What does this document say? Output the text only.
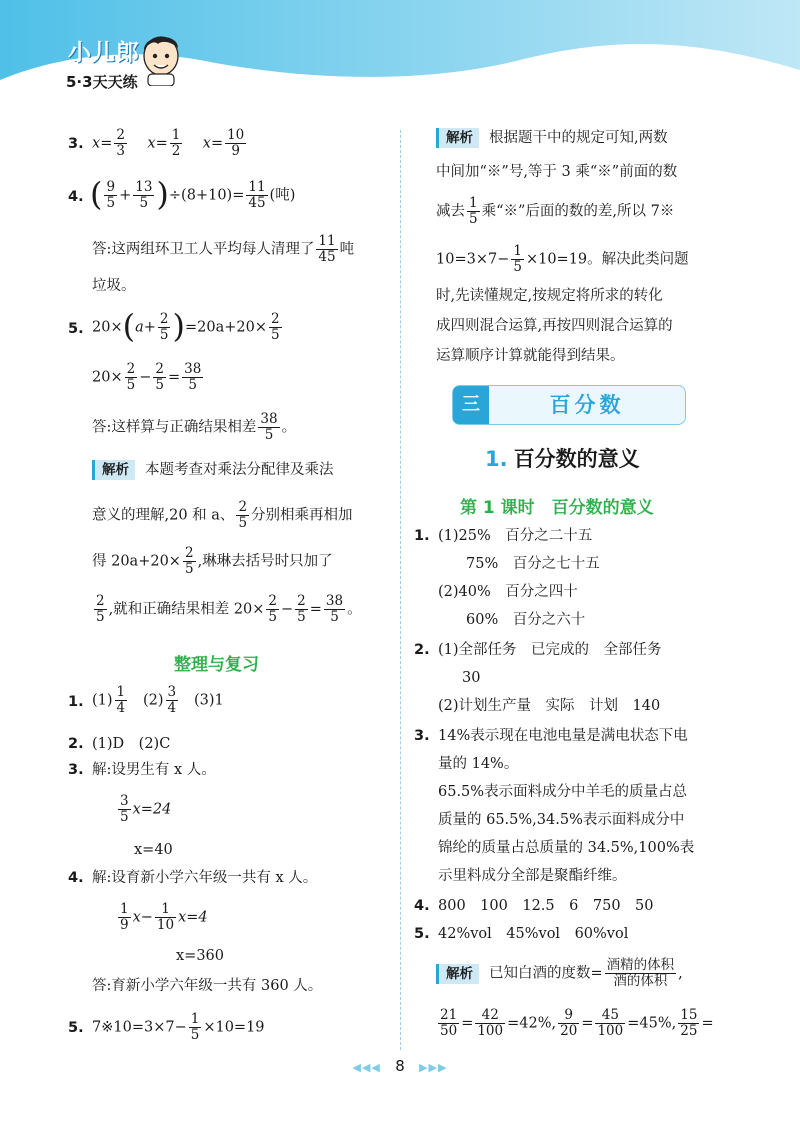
小儿郎
5·3天天练
3. $x= \frac{2}{3} x= \frac{1}{2} x= \frac{10}{9}$
4. ( $\frac{9}{5} + \frac{13}{5} )\div(8+10)= \frac{11}{45}$ (吨)
答:这两组环卫工人平均每人清理了 $\frac{11}{45}$ 吨
垃圾。
5. $20\times(a+ \frac{2}{5} )=20a+20\times \frac{2}{5}$
$20\times \frac{2}{5} - \frac{2}{5} = \frac{38}{5}$
答:这样算与正确结果相差 $\frac{38}{5}$ 。
解析 本题考查对乘法分配律及乘法
意义的理解,20 和 a、 $\frac{2}{5}$ 分别相乘再相加
得 $20a+20\times \frac{2}{5}$ ,琳琳去括号时只加了
$\frac{2}{5}$ ,就和正确结果相差 $20\times \frac{2}{5} - \frac{2}{5} = \frac{38}{5}$ 。
整理与复习
1. $(1) \frac{1}{4} (2) \frac{3}{4} (3)1$
2. (1)D　(2)C
3. 解:设男生有 x 人。
$\frac{3}{5} x=24$
x=40
4. 解:设育新小学六年级一共有 x 人。
$\frac{1}{9} x- \frac{1}{10} x=4$
x=360
答:育新小学六年级一共有 360 人。
5. 7※10=3×7− $\frac{1}{5} \times 10=19$
解析 根据题干中的规定可知,两数
中间加“※”号,等于 3 乘“※”前面的数
减去 $\frac{1}{5}$ 乘“※”后面的数的差,所以 7※
$10=3\times 7- \frac{1}{5} \times 10=19$。解决此类问题
时,先读懂规定,按规定将所求的转化
成四则混合运算,再按四则混合运算的
运算顺序计算就能得到结果。
三	百分数
1. 百分数的意义
第 1 课时　百分数的意义
1. (1)25%　百分之二十五
75%　百分之七十五
(2)40%　百分之四十
60%　百分之六十
2. (1)全部任务　已完成的　全部任务
30
(2)计划生产量　实际　计划　140
3. 14%表示现在电池电量是满电状态下电
量的 14%。
65.5%表示面料成分中羊毛的质量占总
质量的 65.5%,34.5%表示面料成分中
锦纶的质量占总质量的 34.5%,100%表
示里料成分全部是聚酯纤维。
4. 800　100　12.5　6　750　50
5. 42%vol　45%vol　60%vol
解析 已知白酒的度数=
酒精的体积
酒的体积 ,
$\frac{21}{50} = \frac{42}{100} =42\%$, $\frac{9}{20} = \frac{45}{100} =45\%$, $\frac{15}{25}$ =
◀◀◀ 8 ▶▶▶
